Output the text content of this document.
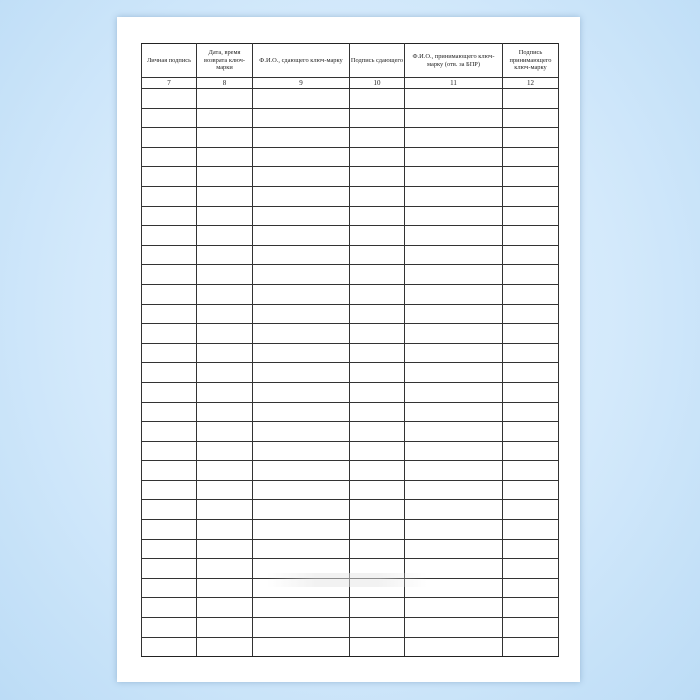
Личная подпись	Дата, время возврата ключ-марки	Ф.И.О., сдающего ключ-марку	Подпись сдающего	Ф.И.О., принимающего ключ-марку (отв. за БПР)	Подпись принимающего ключ-марку
7	8	9	10	11	12
